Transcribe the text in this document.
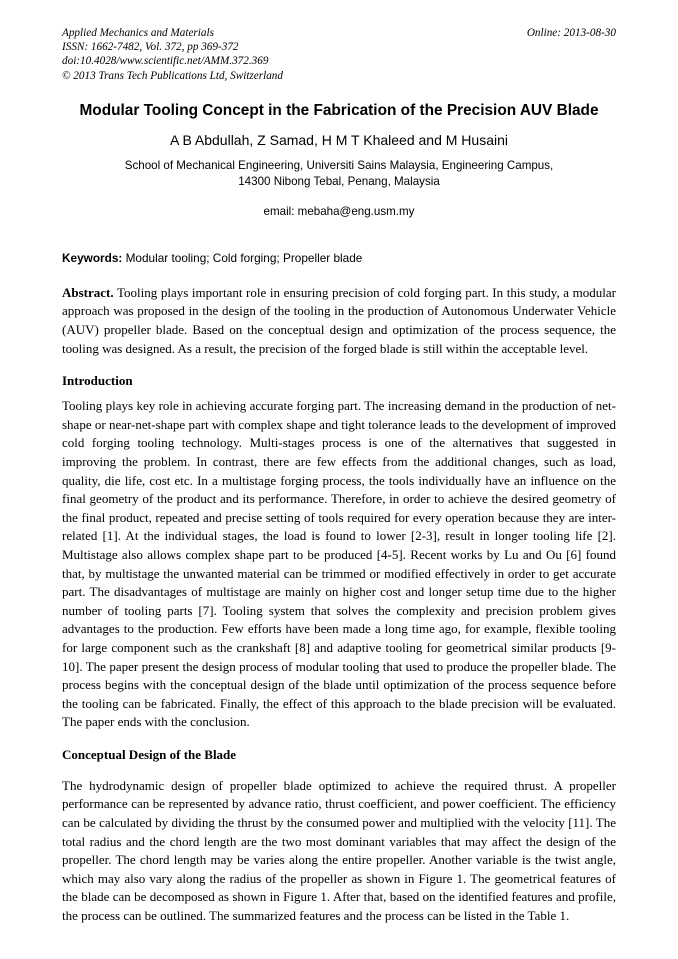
Applied Mechanics and Materials
ISSN: 1662-7482, Vol. 372, pp 369-372
doi:10.4028/www.scientific.net/AMM.372.369
© 2013 Trans Tech Publications Ltd, Switzerland
Online: 2013-08-30
Modular Tooling Concept in the Fabrication of the Precision AUV Blade
A B Abdullah, Z Samad, H M T Khaleed and M Husaini
School of Mechanical Engineering, Universiti Sains Malaysia, Engineering Campus,
14300 Nibong Tebal, Penang, Malaysia
email: mebaha@eng.usm.my
Keywords: Modular tooling; Cold forging; Propeller blade
Abstract. Tooling plays important role in ensuring precision of cold forging part. In this study, a modular approach was proposed in the design of the tooling in the production of Autonomous Underwater Vehicle (AUV) propeller blade. Based on the conceptual design and optimization of the process sequence, the tooling was designed. As a result, the precision of the forged blade is still within the acceptable level.
Introduction

Tooling plays key role in achieving accurate forging part. The increasing demand in the production of net-shape or near-net-shape part with complex shape and tight tolerance leads to the development of improved cold forging tooling technology. Multi-stages process is one of the alternatives that suggested in improving the problem. In contrast, there are few effects from the additional changes, such as load, quality, die life, cost etc. In a multistage forging process, the tools individually have an influence on the final geometry of the product and its performance. Therefore, in order to achieve the desired geometry of the final product, repeated and precise setting of tools required for every operation because they are inter-related [1]. At the individual stages, the load is found to lower [2-3], result in longer tooling life [2]. Multistage also allows complex shape part to be produced [4-5]. Recent works by Lu and Ou [6] found that, by multistage the unwanted material can be trimmed or modified effectively in order to get accurate part. The disadvantages of multistage are mainly on higher cost and longer setup time due to the higher number of tooling parts [7]. Tooling system that solves the complexity and precision problem gives advantages to the production. Few efforts have been made a long time ago, for example, flexible tooling for large component such as the crankshaft [8] and adaptive tooling for geometrical similar products [9-10]. The paper present the design process of modular tooling that used to produce the propeller blade. The process begins with the conceptual design of the blade until optimization of the process sequence before the tooling can be fabricated. Finally, the effect of this approach to the blade precision will be evaluated. The paper ends with the conclusion.

Conceptual Design of the Blade

The hydrodynamic design of propeller blade optimized to achieve the required thrust. A propeller performance can be represented by advance ratio, thrust coefficient, and power coefficient. The efficiency can be calculated by dividing the thrust by the consumed power and multiplied with the velocity [11]. The total radius and the chord length are the two most dominant variables that may affect the design of the propeller. The chord length may be varies along the entire propeller. Another variable is the twist angle, which may also vary along the radius of the propeller as shown in Figure 1. The geometrical features of the blade can be decomposed as shown in Figure 1. After that, based on the identified features and profile, the process can be outlined. The summarized features and the process can be listed in the Table 1.
